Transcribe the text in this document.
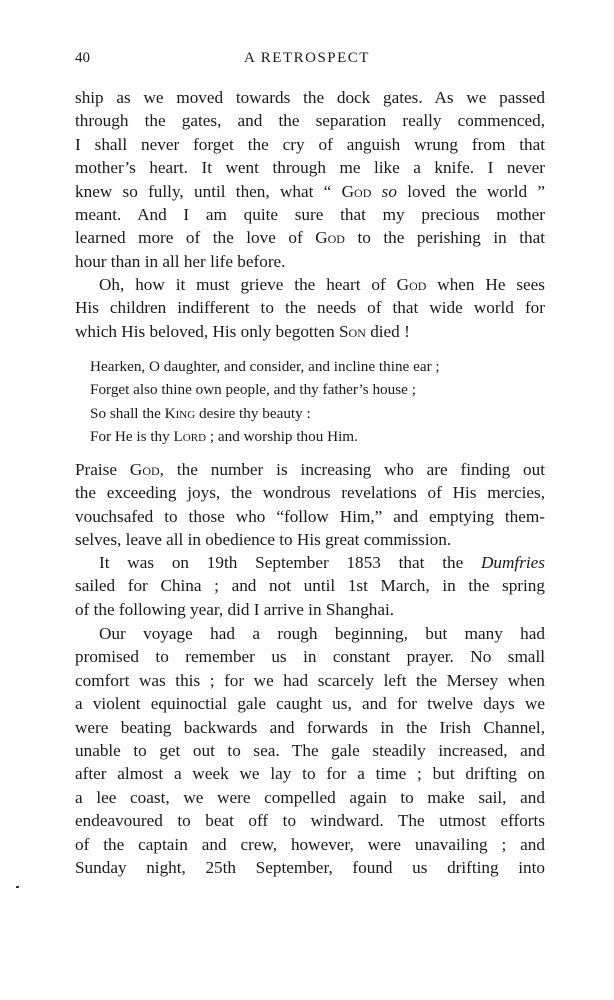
40	A RETROSPECT
ship as we moved towards the dock gates. As we passed
through the gates, and the separation really commenced,
I shall never forget the cry of anguish wrung from that
mother’s heart. It went through me like a knife. I never
knew so fully, until then, what “ God so loved the world ”
meant. And I am quite sure that my precious mother
learned more of the love of God to the perishing in that
hour than in all her life before.
Oh, how it must grieve the heart of God when He sees
His children indifferent to the needs of that wide world for
which His beloved, His only begotten Son died !
Hearken, O daughter, and consider, and incline thine ear ;
Forget also thine own people, and thy father’s house ;
So shall the King desire thy beauty :
For He is thy Lord ; and worship thou Him.
Praise God, the number is increasing who are finding out
the exceeding joys, the wondrous revelations of His mercies,
vouchsafed to those who “follow Him,” and emptying them-
selves, leave all in obedience to His great commission.
It was on 19th September 1853 that the Dumfries
sailed for China ; and not until 1st March, in the spring
of the following year, did I arrive in Shanghai.
Our voyage had a rough beginning, but many had
promised to remember us in constant prayer. No small
comfort was this ; for we had scarcely left the Mersey when
a violent equinoctial gale caught us, and for twelve days we
were beating backwards and forwards in the Irish Channel,
unable to get out to sea. The gale steadily increased, and
after almost a week we lay to for a time ; but drifting on
a lee coast, we were compelled again to make sail, and
endeavoured to beat off to windward. The utmost efforts
of the captain and crew, however, were unavailing ; and
Sunday night, 25th September, found us drifting into
